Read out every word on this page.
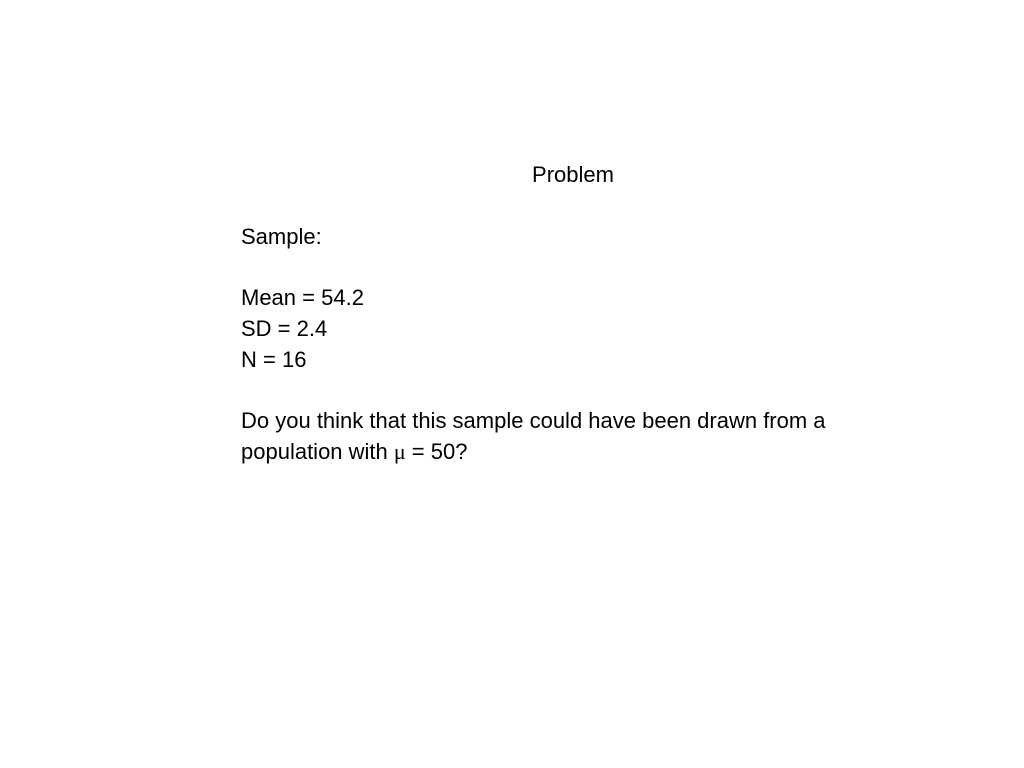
Problem
Sample:
Mean = 54.2
SD = 2.4
N = 16
Do you think that this sample could have been drawn from a
population with μ = 50?
